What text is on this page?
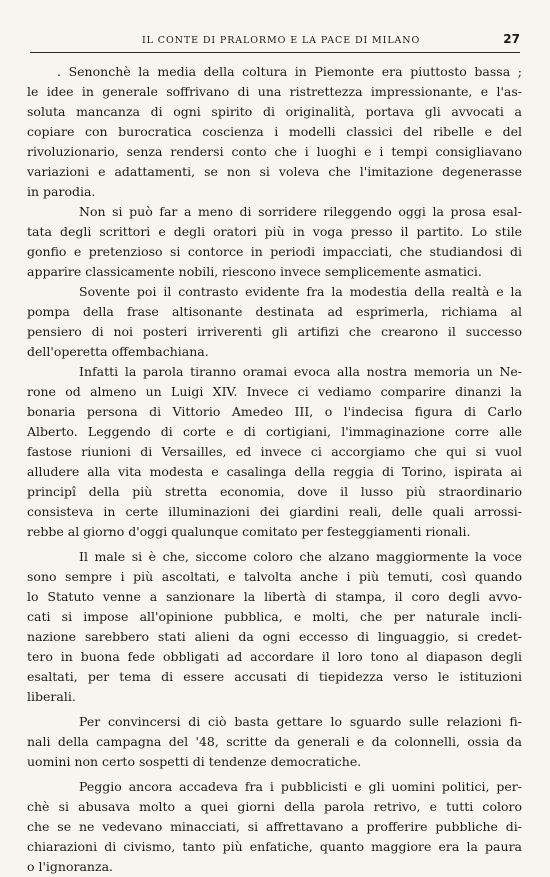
IL CONTE DI PRALORMO E LA PACE DI MILANO	27
. Senonchè la media della coltura in Piemonte era piuttosto bassa ;
le idee in generale soffrivano di una ristrettezza impressionante, e l'as-
soluta mancanza di ogni spirito di originalità, portava gli avvocati a
copiare con burocratica coscienza i modelli classici del ribelle e del
rivoluzionario, senza rendersi conto che i luoghi e i tempi consigliavano
variazioni e adattamenti, se non si voleva che l'imitazione degenerasse
in parodia.
Non si può far a meno di sorridere rileggendo oggi la prosa esal-
tata degli scrittori e degli oratori più in voga presso il partito. Lo stile
gonfio e pretenzioso si contorce in periodi impacciati, che studiandosi di
apparire classicamente nobili, riescono invece semplicemente asmatici.
Sovente poi il contrasto evidente fra la modestia della realtà e la
pompa della frase altisonante destinata ad esprimerla, richiama al
pensiero di noi posteri irriverenti gli artifizi che crearono il successo
dell'operetta offembachiana.
Infatti la parola tiranno oramai evoca alla nostra memoria un Ne-
rone od almeno un Luigi XIV. Invece ci vediamo comparire dinanzi la
bonaria persona di Vittorio Amedeo III, o l'indecisa figura di Carlo
Alberto. Leggendo di corte e di cortigiani, l'immaginazione corre alle
fastose riunioni di Versailles, ed invece ci accorgiamo che qui si vuol
alludere alla vita modesta e casalinga della reggia di Torino, ispirata ai
principî della più stretta economia, dove il lusso più straordinario
consisteva in certe illuminazioni dei giardini reali, delle quali arrossi-
rebbe al giorno d'oggi qualunque comitato per festeggiamenti rionali.
Il male si è che, siccome coloro che alzano maggiormente la voce
sono sempre i più ascoltati, e talvolta anche i più temuti, così quando
lo Statuto venne a sanzionare la libertà di stampa, il coro degli avvo-
cati si impose all'opinione pubblica, e molti, che per naturale incli-
nazione sarebbero stati alieni da ogni eccesso di linguaggio, si credet-
tero in buona fede obbligati ad accordare il loro tono al diapason degli
esaltati, per tema di essere accusati di tiepidezza verso le istituzioni
liberali.
Per convincersi di ciò basta gettare lo sguardo sulle relazioni fi-
nali della campagna del '48, scritte da generali e da colonnelli, ossia da
uomini non certo sospetti di tendenze democratiche.
Peggio ancora accadeva fra i pubblicisti e gli uomini politici, per-
chè si abusava molto a quei giorni della parola retrivo, e tutti coloro
che se ne vedevano minacciati, si affrettavano a profferire pubbliche di-
chiarazioni di civismo, tanto più enfatiche, quanto maggiore era la paura
o l'ignoranza.
